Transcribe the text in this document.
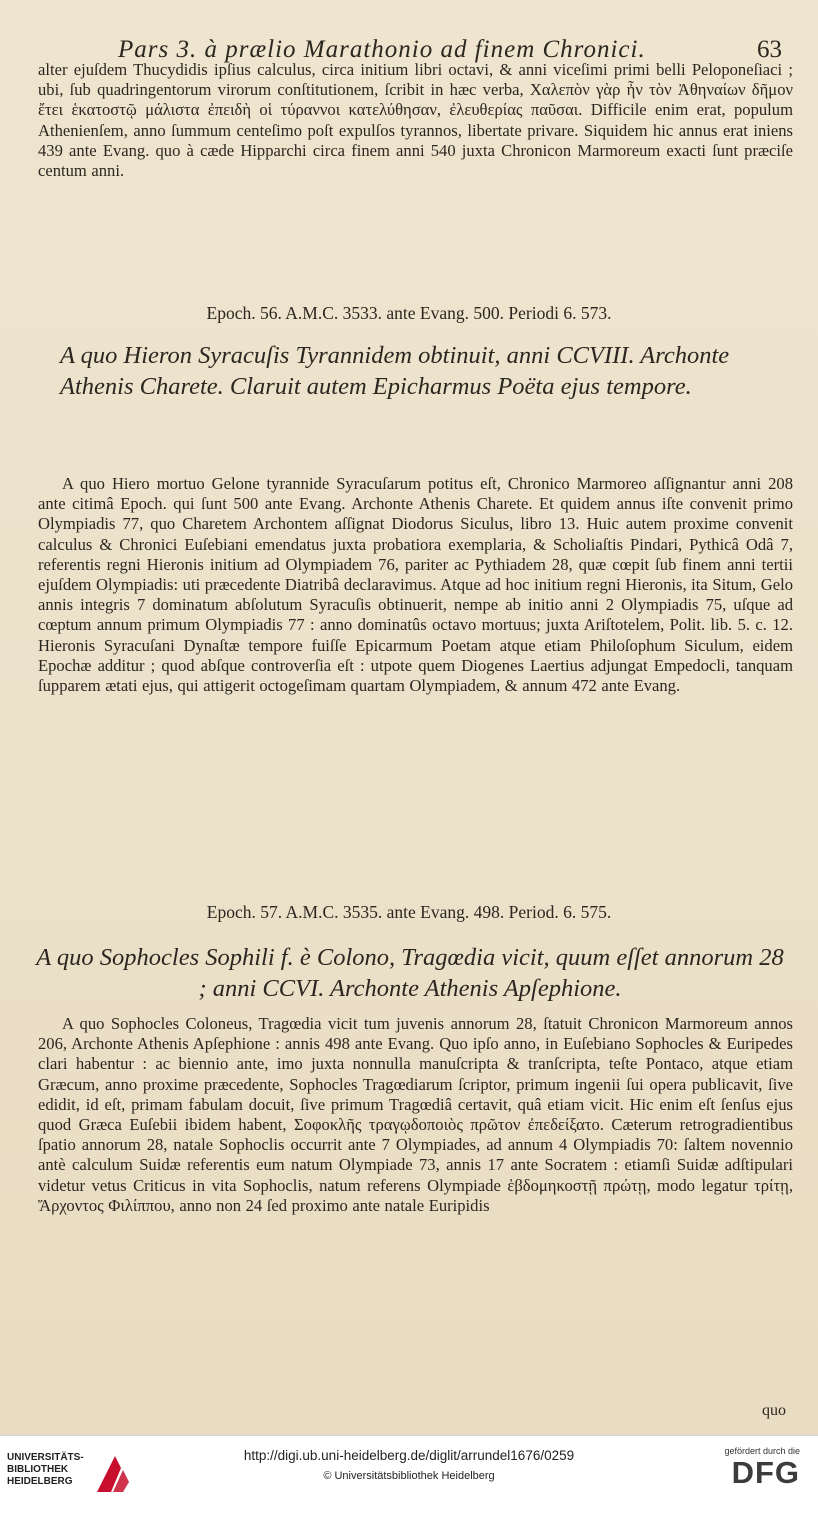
Pars 3. à prælio Marathonio ad finem Chronici.	63

alter ejuſdem Thucydidis ipſius calculus, circa initium libri octavi, & anni viceſimi primi belli Peloponeſiaci ; ubi, ſub quadringentorum virorum conſtitutionem, ſcribit in hæc verba, Χαλεπὸν γὰρ ἦν τὸν Ἀθηναίων δῆμον ἔτει ἑκατοστῷ μάλιστα ἐπειδὴ οἱ τύραννοι κατελύθησαν, ἐλευθερίας παῦσαι. Difficile enim erat, populum Athenienſem, anno ſummum centeſimo poſt expulſos tyrannos, libertate privare. Siquidem hic annus erat iniens 439 ante Evang. quo à cæde Hipparchi circa finem anni 540 juxta Chronicon Marmoreum exacti ſunt præciſe centum anni.

Epoch. 56. A.M.C. 3533. ante Evang. 500. Periodi 6. 573.
A quo Hieron Syracuſis Tyrannidem obtinuit, anni CCVIII. Archonte Athenis Charete. Claruit autem Epicharmus Poëta ejus tempore.

A quo Hiero mortuo Gelone tyrannide Syracuſarum potitus eſt, Chronico Marmoreo aſſignantur anni 208 ante citimâ Epoch. qui ſunt 500 ante Evang. Archonte Athenis Charete. Et quidem annus iſte convenit primo Olympiadis 77, quo Charetem Archontem aſſignat Diodorus Siculus, libro 13. Huic autem proxime convenit calculus & Chronici Euſebiani emendatus juxta probatiora exemplaria, & Scholiaſtis Pindari, Pythicâ Odâ 7, referentis regni Hieronis initium ad Olympiadem 76, pariter ac Pythiadem 28, quæ cœpit ſub finem anni tertii ejuſdem Olympiadis: uti præcedente Diatribâ declaravimus. Atque ad hoc initium regni Hieronis, ita Situm, Gelo annis integris 7 dominatum abſolutum Syracuſis obtinuerit, nempe ab initio anni 2 Olympiadis 75, uſque ad cœptum annum primum Olympiadis 77 : anno dominatûs octavo mortuus; juxta Ariſtotelem, Polit. lib. 5. c. 12. Hieronis Syracuſani Dynaſtæ tempore fuiſſe Epicarmum Poetam atque etiam Philoſophum Siculum, eidem Epochæ additur ; quod abſque controverſia eſt : utpote quem Diogenes Laertius adjungat Empedocli, tanquam ſupparem ætati ejus, qui attigerit octogeſimam quartam Olympiadem, & annum 472 ante Evang.

Epoch. 57. A.M.C. 3535. ante Evang. 498. Period. 6. 575.
A quo Sophocles Sophili f. è Colono, Tragœdia vicit, quum eſſet annorum 28 ; anni CCVI. Archonte Athenis Apſephione.

A quo Sophocles Coloneus, Tragœdia vicit tum juvenis annorum 28, ſtatuit Chronicon Marmoreum annos 206, Archonte Athenis Apſephione : annis 498 ante Evang. Quo ipſo anno, in Euſebiano Sophocles & Euripedes clari habentur : ac biennio ante, imo juxta nonnulla manuſcripta & tranſcripta, teſte Pontaco, atque etiam Græcum, anno proxime præcedente, Sophocles Tragœdiarum ſcriptor, primum ingenii ſui opera publicavit, ſive edidit, id eſt, primam fabulam docuit, ſive primum Tragœdiâ certavit, quâ etiam vicit. Hic enim eſt ſenſus ejus quod Græca Euſebii ibidem habent, Σοφοκλῆς τραγῳδοποιὸς πρῶτον ἐπεδείξατο. Cæterum retrogradientibus ſpatio annorum 28, natale Sophoclis occurrit ante 7 Olympiades, ad annum 4 Olympiadis 70: ſaltem novennio antè calculum Suidæ referentis eum natum Olympiade 73, annis 17 ante Socratem : etiamſi Suidæ adſtipulari videtur vetus Criticus in vita Sophoclis, natum referens Olympiade ἑβδομηκοστῇ πρώτῃ, modo legatur τρίτῃ, Ἄρχοντος Φιλίππου, anno non 24 ſed proximo ante natale Euripidis

quo
UNIVERSITÄTS-BIBLIOTHEK HEIDELBERG
http://digi.ub.uni-heidelberg.de/diglit/arrundel1676/0259
© Universitätsbibliothek Heidelberg
gefördert durch die
DFG
